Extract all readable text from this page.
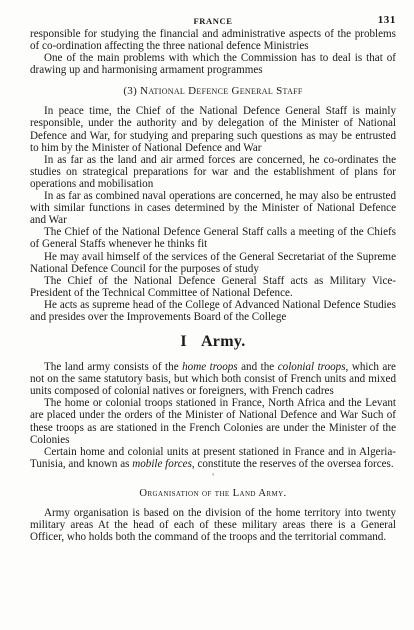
FRANCE	131

responsible for studying the financial and administrative aspects of the problems of co-ordination affecting the three national defence Ministries

One of the main problems with which the Commission has to deal is that of drawing up and harmonising armament programmes

(3) National Defence General Staff

In peace time, the Chief of the National Defence General Staff is mainly responsible, under the authority and by delegation of the Minister of National Defence and War, for studying and preparing such questions as may be entrusted to him by the Minister of National Defence and War

In as far as the land and air armed forces are concerned, he co-ordinates the studies on strategical preparations for war and the establishment of plans for operations and mobilisation

In as far as combined naval operations are concerned, he may also be entrusted with similar functions in cases determined by the Minister of National Defence and War

The Chief of the National Defence General Staff calls a meeting of the Chiefs of General Staffs whenever he thinks fit

He may avail himself of the services of the General Secretariat of the Supreme National Defence Council for the purposes of study

The Chief of the National Defence General Staff acts as Military Vice-President of the Technical Committee of National Defence.

He acts as supreme head of the College of Advanced National Defence Studies and presides over the Improvements Board of the College

I Army.

The land army consists of the home troops and the colonial troops, which are not on the same statutory basis, but which both consist of French units and mixed units composed of colonial natives or foreigners, with French cadres

The home or colonial troops stationed in France, North Africa and the Levant are placed under the orders of the Minister of National Defence and War Such of these troops as are stationed in the French Colonies are under the Minister of the Colonies

Certain home and colonial units at present stationed in France and in Algeria-Tunisia, and known as mobile forces, constitute the reserves of the oversea forces.

'
Organisation of the Land Army.

Army organisation is based on the division of the home territory into twenty military areas At the head of each of these military areas there is a General Officer, who holds both the command of the troops and the territorial command.
